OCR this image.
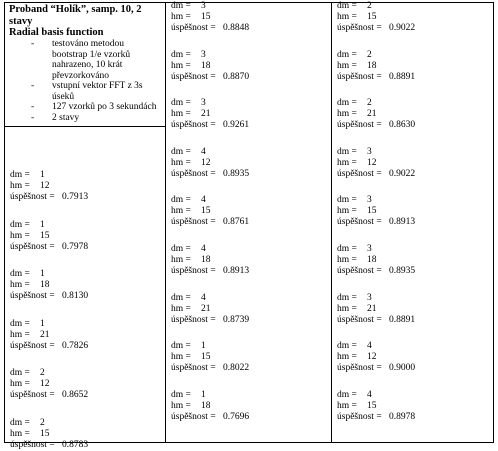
Proband “Holík”, samp. 10, 2 stavy
Radial basis function
- testováno metodou bootstrap 1/e vzorků nahrazeno, 10 krát převzorkováno
- vstupní vektor FFT z 3s úseků
- 127 vzorků po 3 sekundách
- 2 stavy
dm = 1
hm = 12
úspěšnost = 0.7913
dm = 1
hm = 15
úspěšnost = 0.7978
dm = 1
hm = 18
úspěšnost = 0.8130
dm = 1
hm = 21
úspěšnost = 0.7826
dm = 2
hm = 12
úspěšnost = 0.8652
dm = 2
hm = 15
úspěšnost = 0.8783
dm = 3
hm = 15
úspěšnost = 0.8848
dm = 3
hm = 18
úspěšnost = 0.8870
dm = 3
hm = 21
úspěšnost = 0.9261
dm = 4
hm = 12
úspěšnost = 0.8935
dm = 4
hm = 15
úspěšnost = 0.8761
dm = 4
hm = 18
úspěšnost = 0.8913
dm = 4
hm = 21
úspěšnost = 0.8739
dm = 1
hm = 15
úspěšnost = 0.8022
dm = 1
hm = 18
úspěšnost = 0.7696
dm = 2
hm = 15
úspěšnost = 0.9022
dm = 2
hm = 18
úspěšnost = 0.8891
dm = 2
hm = 21
úspěšnost = 0.8630
dm = 3
hm = 12
úspěšnost = 0.9022
dm = 3
hm = 15
úspěšnost = 0.8913
dm = 3
hm = 18
úspěšnost = 0.8935
dm = 3
hm = 21
úspěšnost = 0.8891
dm = 4
hm = 12
úspěšnost = 0.9000
dm = 4
hm = 15
úspěšnost = 0.8978
